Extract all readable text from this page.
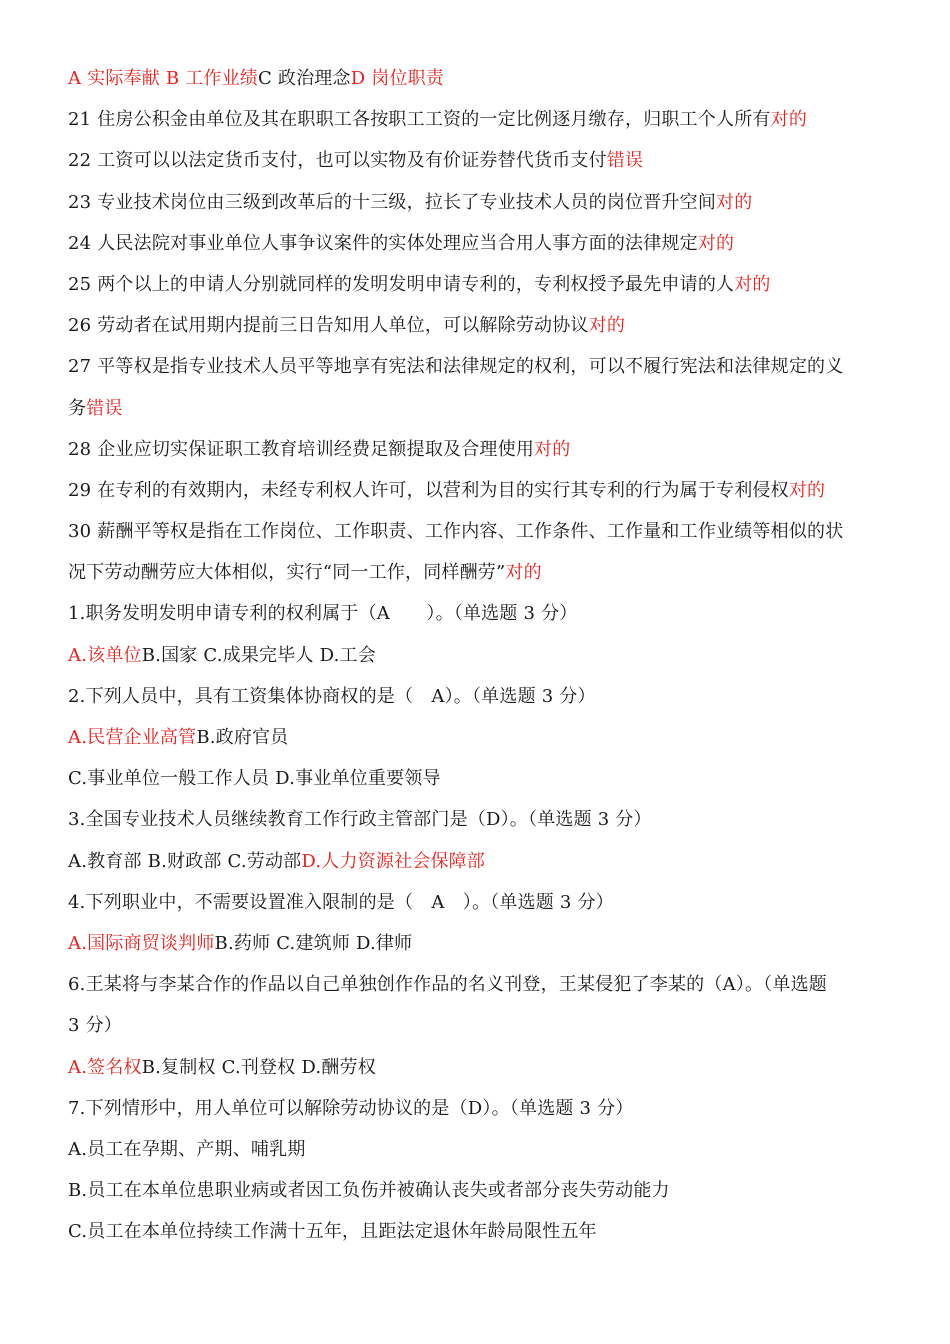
A 实际奉献 B 工作业绩C 政治理念D 岗位职责
21 住房公积金由单位及其在职职工各按职工工资的一定比例逐月缴存，归职工个人所有对的
22 工资可以以法定货币支付，也可以实物及有价证券替代货币支付错误
23 专业技术岗位由三级到改革后的十三级，拉长了专业技术人员的岗位晋升空间对的
24 人民法院对事业单位人事争议案件的实体处理应当合用人事方面的法律规定对的
25 两个以上的申请人分别就同样的发明发明申请专利的，专利权授予最先申请的人对的
26 劳动者在试用期内提前三日告知用人单位，可以解除劳动协议对的
27 平等权是指专业技术人员平等地享有宪法和法律规定的权利，可以不履行宪法和法律规定的义
务错误
28 企业应切实保证职工教育培训经费足额提取及合理使用对的
29 在专利的有效期内，未经专利权人许可，以营利为目的实行其专利的行为属于专利侵权对的
30 薪酬平等权是指在工作岗位、工作职责、工作内容、工作条件、工作量和工作业绩等相似的状
况下劳动酬劳应大体相似，实行“同一工作，同样酬劳”对的
1.职务发明发明申请专利的权利属于（A　　）。（单选题 3 分）
A.该单位B.国家 C.成果完毕人 D.工会
2.下列人员中，具有工资集体协商权的是（　A）。（单选题 3 分）
A.民营企业高管B.政府官员
C.事业单位一般工作人员 D.事业单位重要领导
3.全国专业技术人员继续教育工作行政主管部门是（D）。（单选题 3 分）
A.教育部 B.财政部 C.劳动部D.人力资源社会保障部
4.下列职业中，不需要设置准入限制的是（　A　）。（单选题 3 分）
A.国际商贸谈判师B.药师 C.建筑师 D.律师
6.王某将与李某合作的作品以自己单独创作作品的名义刊登，王某侵犯了李某的（A）。（单选题
3 分）
A.签名权B.复制权 C.刊登权 D.酬劳权
7.下列情形中，用人单位可以解除劳动协议的是（D）。（单选题 3 分）
A.员工在孕期、产期、哺乳期
B.员工在本单位患职业病或者因工负伤并被确认丧失或者部分丧失劳动能力
C.员工在本单位持续工作满十五年，且距法定退休年龄局限性五年
